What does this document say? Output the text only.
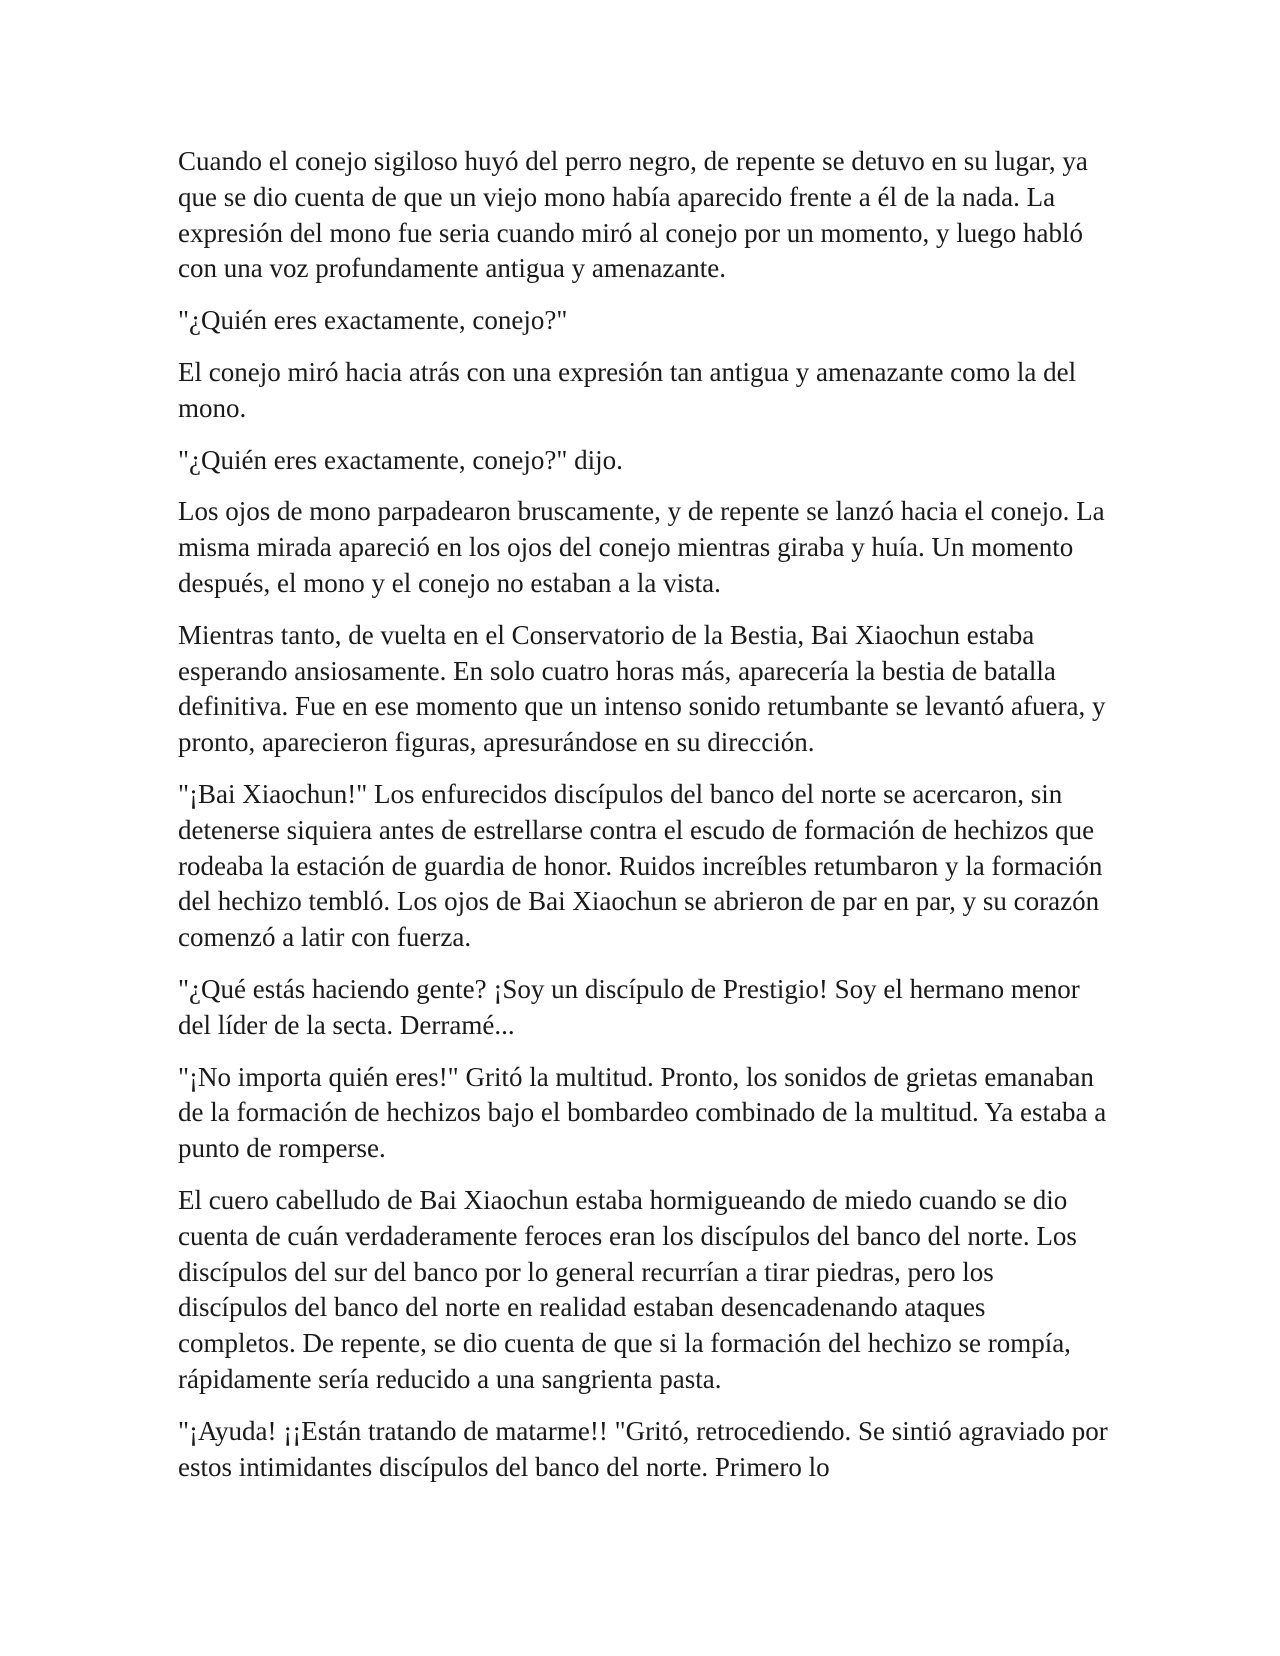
Cuando el conejo sigiloso huyó del perro negro, de repente se detuvo en su lugar, ya que se dio cuenta de que un viejo mono había aparecido frente a él de la nada. La expresión del mono fue seria cuando miró al conejo por un momento, y luego habló con una voz profundamente antigua y amenazante.

"¿Quién eres exactamente, conejo?"

El conejo miró hacia atrás con una expresión tan antigua y amenazante como la del mono.

"¿Quién eres exactamente, conejo?" dijo.

Los ojos de mono parpadearon bruscamente, y de repente se lanzó hacia el conejo. La misma mirada apareció en los ojos del conejo mientras giraba y huía. Un momento después, el mono y el conejo no estaban a la vista.

Mientras tanto, de vuelta en el Conservatorio de la Bestia, Bai Xiaochun estaba esperando ansiosamente. En solo cuatro horas más, aparecería la bestia de batalla definitiva. Fue en ese momento que un intenso sonido retumbante se levantó afuera, y pronto, aparecieron figuras, apresurándose en su dirección.

"¡Bai Xiaochun!" Los enfurecidos discípulos del banco del norte se acercaron, sin detenerse siquiera antes de estrellarse contra el escudo de formación de hechizos que rodeaba la estación de guardia de honor. Ruidos increíbles retumbaron y la formación del hechizo tembló. Los ojos de Bai Xiaochun se abrieron de par en par, y su corazón comenzó a latir con fuerza.

"¿Qué estás haciendo gente? ¡Soy un discípulo de Prestigio! Soy el hermano menor del líder de la secta. Derramé...

"¡No importa quién eres!" Gritó la multitud. Pronto, los sonidos de grietas emanaban de la formación de hechizos bajo el bombardeo combinado de la multitud. Ya estaba a punto de romperse.

El cuero cabelludo de Bai Xiaochun estaba hormigueando de miedo cuando se dio cuenta de cuán verdaderamente feroces eran los discípulos del banco del norte. Los discípulos del sur del banco por lo general recurrían a tirar piedras, pero los discípulos del banco del norte en realidad estaban desencadenando ataques completos. De repente, se dio cuenta de que si la formación del hechizo se rompía, rápidamente sería reducido a una sangrienta pasta.

"¡Ayuda! ¡¡Están tratando de matarme!! "Gritó, retrocediendo. Se sintió agraviado por estos intimidantes discípulos del banco del norte. Primero lo
